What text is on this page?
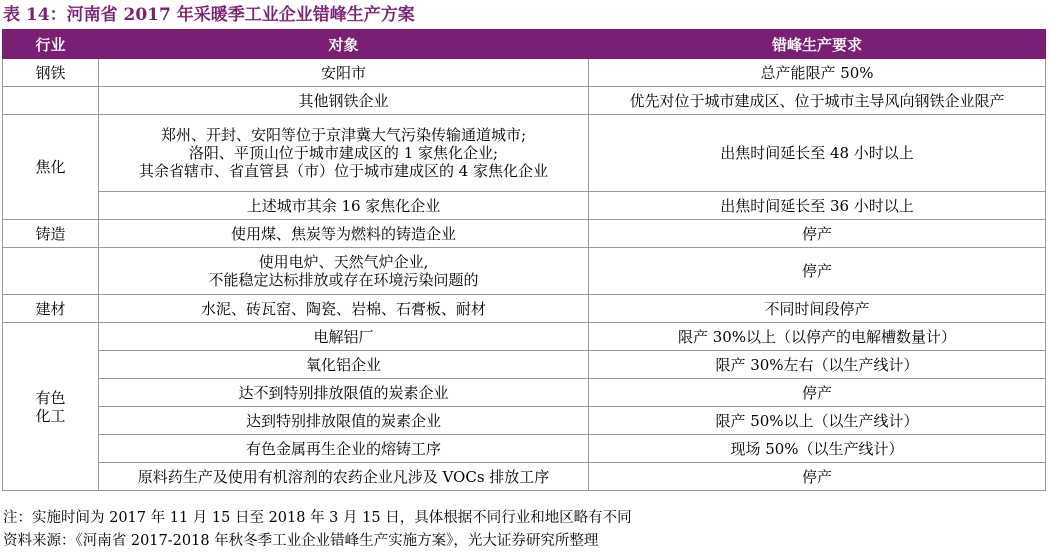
表 14：河南省 2017 年采暖季工业企业错峰生产方案
行业	对象	错峰生产要求
钢铁	安阳市	总产能限产 50%
	其他钢铁企业	优先对位于城市建成区、位于城市主导风向钢铁企业限产
焦化	郑州、开封、安阳等位于京津冀大气污染传输通道城市;
洛阳、平顶山位于城市建成区的 1 家焦化企业;
其余省辖市、省直管县（市）位于城市建成区的 4 家焦化企业	出焦时间延长至 48 小时以上
	上述城市其余 16 家焦化企业	出焦时间延长至 36 小时以上
铸造	使用煤、焦炭等为燃料的铸造企业	停产

	使用电炉、天然气炉企业,
不能稳定达标排放或存在环境污染问题的	停产
建材	水泥、砖瓦窑、陶瓷、岩棉、石膏板、耐材	不同时间段停产

有色
化工	电解铝厂	限产 30%以上（以停产的电解槽数量计）
	氧化铝企业	限产 30%左右（以生产线计）
	达不到特别排放限值的炭素企业	停产
	达到特别排放限值的炭素企业	限产 50%以上（以生产线计）
	有色金属再生企业的熔铸工序	现场 50%（以生产线计）
	原料药生产及使用有机溶剂的农药企业凡涉及 VOCs 排放工序	停产
注：实施时间为 2017 年 11 月 15 日至 2018 年 3 月 15 日，具体根据不同行业和地区略有不同
资料来源：《河南省 2017-2018 年秋冬季工业企业错峰生产实施方案》，光大证券研究所整理
